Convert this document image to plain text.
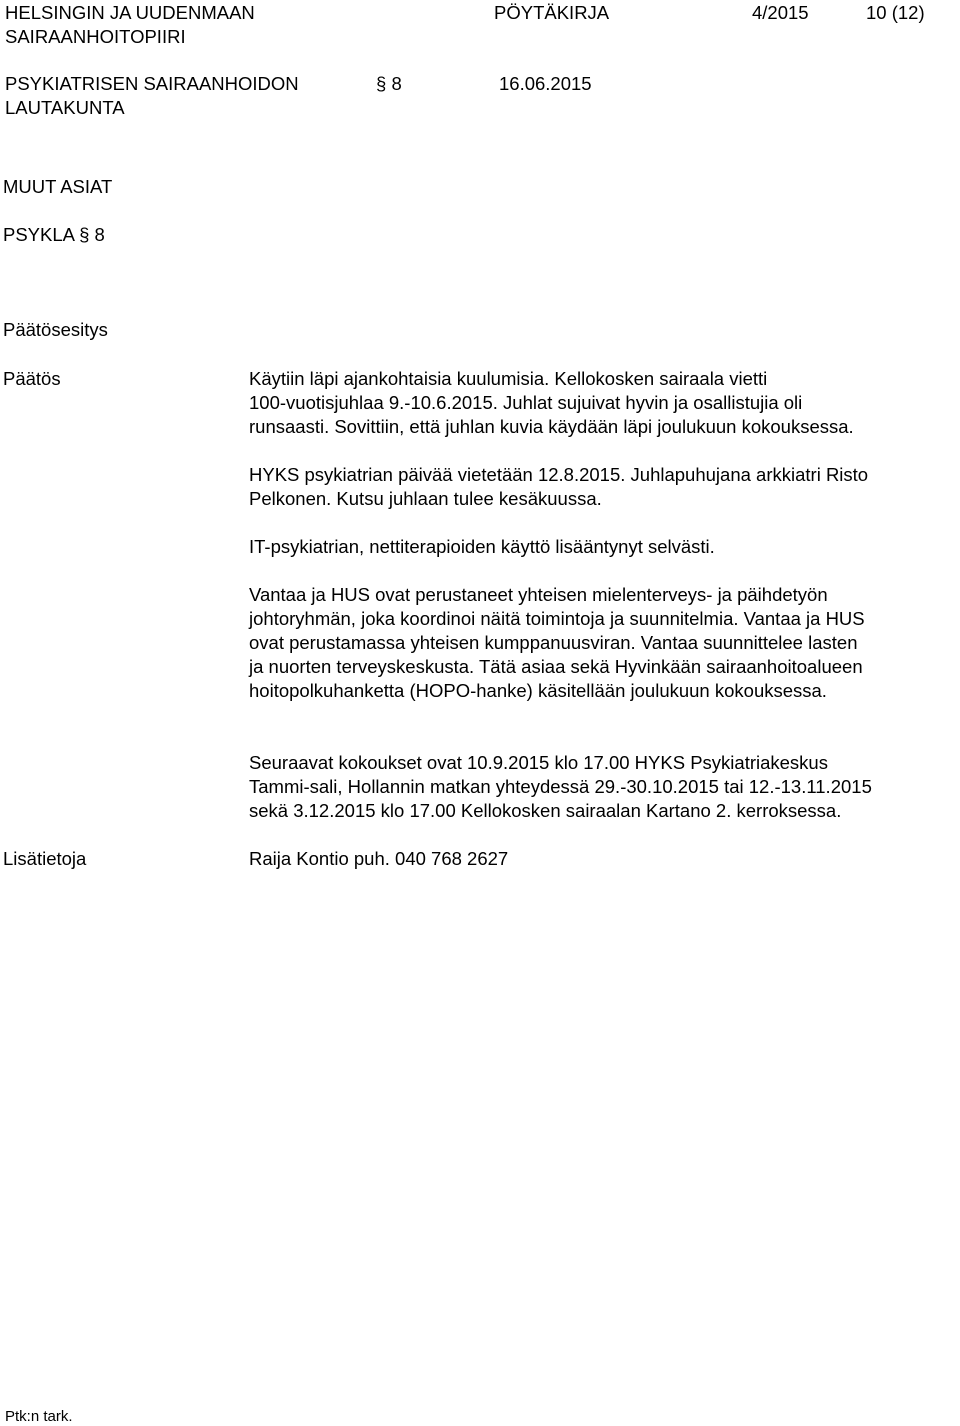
HELSINGIN JA UUDENMAAN
SAIRAANHOITOPIIRI
PÖYTÄKIRJA	4/2015	10 (12)
PSYKIATRISEN SAIRAANHOIDON
LAUTAKUNTA
§ 8	16.06.2015
MUUT ASIAT
PSYKLA § 8
Päätösesitys
Päätös	Käytiin läpi ajankohtaisia kuulumisia. Kellokosken sairaala vietti
100-vuotisjuhlaa 9.-10.6.2015. Juhlat sujuivat hyvin ja osallistujia oli
runsaasti. Sovittiin, että juhlan kuvia käydään läpi joulukuun kokouksessa.
HYKS psykiatrian päivää vietetään 12.8.2015. Juhlapuhujana arkkiatri Risto
Pelkonen. Kutsu juhlaan tulee kesäkuussa.
IT-psykiatrian, nettiterapioiden käyttö lisääntynyt selvästi.
Vantaa ja HUS ovat perustaneet yhteisen mielenterveys- ja päihdetyön
johtoryhmän, joka koordinoi näitä toimintoja ja suunnitelmia. Vantaa ja HUS
ovat perustamassa yhteisen kumppanuusviran. Vantaa suunnittelee lasten
ja nuorten terveyskeskusta. Tätä asiaa sekä Hyvinkään sairaanhoitoalueen
hoitopolkuhanketta (HOPO-hanke) käsitellään joulukuun kokouksessa.
Seuraavat kokoukset ovat 10.9.2015 klo 17.00 HYKS Psykiatriakeskus
Tammi-sali, Hollannin matkan yhteydessä 29.-30.10.2015 tai 12.-13.11.2015
sekä 3.12.2015 klo 17.00 Kellokosken sairaalan Kartano 2. kerroksessa.
Lisätietoja	Raija Kontio puh. 040 768 2627
Ptk:n tark.
